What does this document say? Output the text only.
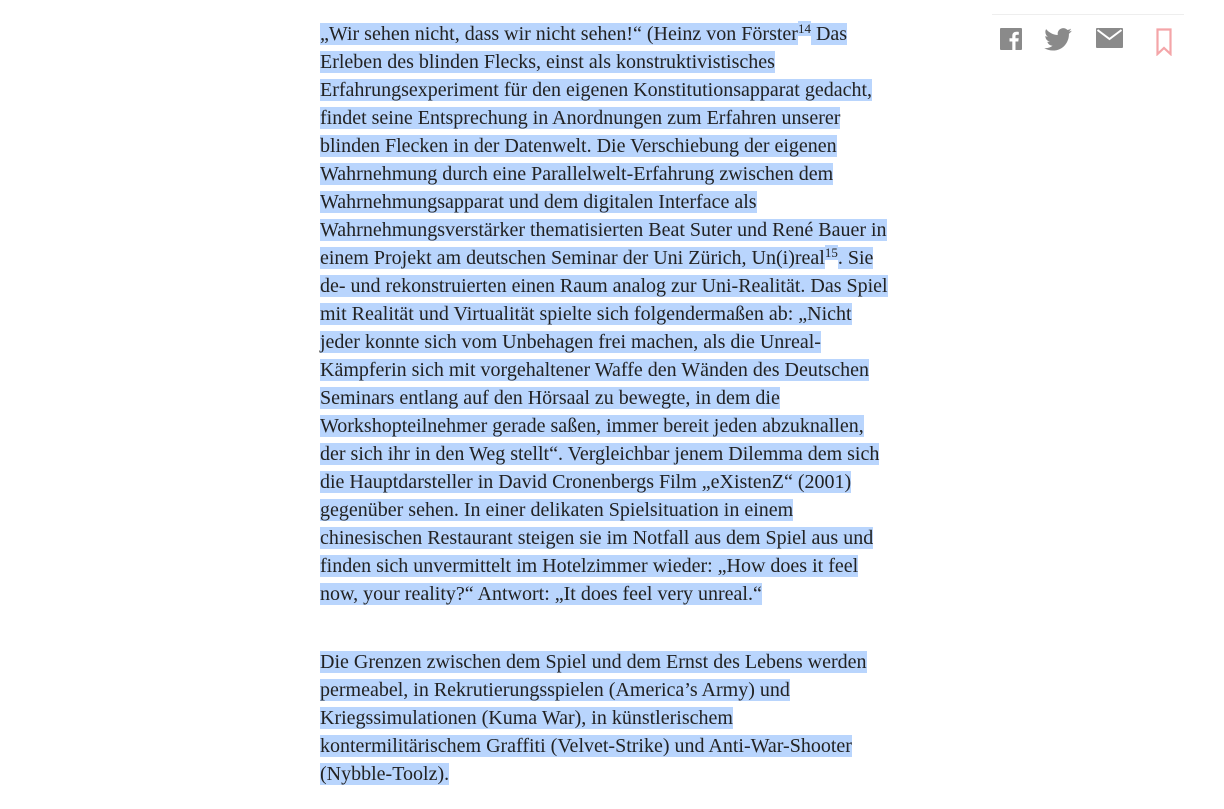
„Wir sehen nicht, dass wir nicht sehen!“ (Heinz von Förster$^{14}$ Das
Erleben des blinden Flecks, einst als konstruktivistisches
Erfahrungsexperiment für den eigenen Konstitutionsapparat gedacht,
findet seine Entsprechung in Anordnungen zum Erfahren unserer
blinden Flecken in der Datenwelt. Die Verschiebung der eigenen
Wahrnehmung durch eine Parallelwelt-Erfahrung zwischen dem
Wahrnehmungsapparat und dem digitalen Interface als
Wahrnehmungsverstärker thematisierten Beat Suter und René Bauer in
einem Projekt am deutschen Seminar der Uni Zürich, Un(i)real$^{15}$. Sie
de- und rekonstruierten einen Raum analog zur Uni-Realität. Das Spiel
mit Realität und Virtualität spielte sich folgendermaßen ab: „Nicht
jeder konnte sich vom Unbehagen frei machen, als die Unreal-
Kämpferin sich mit vorgehaltener Waffe den Wänden des Deutschen
Seminars entlang auf den Hörsaal zu bewegte, in dem die
Workshopteilnehmer gerade saßen, immer bereit jeden abzuknallen,
der sich ihr in den Weg stellt“. Vergleichbar jenem Dilemma dem sich
die Hauptdarsteller in David Cronenbergs Film „eXistenZ“ (2001)
gegenüber sehen. In einer delikaten Spielsituation in einem
chinesischen Restaurant steigen sie im Notfall aus dem Spiel aus und
finden sich unvermittelt im Hotelzimmer wieder: „How does it feel
now, your reality?“ Antwort: „It does feel very unreal.“

Die Grenzen zwischen dem Spiel und dem Ernst des Lebens werden
permeabel, in Rekrutierungsspielen (America’s Army) und
Kriegssimulationen (Kuma War), in künstlerischem
kontermilitärischem Graffiti (Velvet-Strike) und Anti-War-Shooter
(Nybble-Toolz).
